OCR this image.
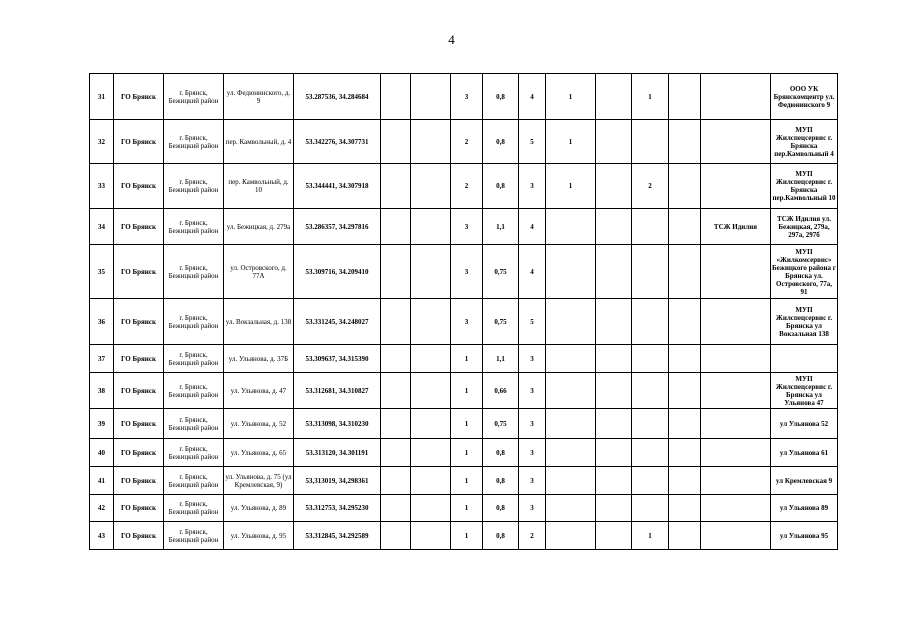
4
31	ГО Брянск	г. Брянск, Бежицкий район	ул. Федюнинского, д. 9	53.287536, 34.284684			3	0,8	4	1		1			ООО УК Брянскомцентр ул. Федюнинского 9
32	ГО Брянск	г. Брянск, Бежицкий район	пер. Камвольный, д. 4	53.342276, 34.307731			2	0,8	5	1					МУП Жилспецсервис г. Брянска пер.Камвольный 4
33	ГО Брянск	г. Брянск, Бежицкий район	пер. Камвольный, д. 10	53.344441, 34.307918			2	0,8	3	1		2			МУП Жилспецсервис г. Брянска пер.Камвольный 10
34	ГО Брянск	г. Брянск, Бежицкий район	ул. Бежицкая, д. 279а	53.286357, 34.297816			3	1,1	4					ТСЖ Идилия	ТСЖ Идилия ул. Бежицкая, 279а, 297а, 297б
35	ГО Брянск	г. Брянск, Бежицкий район	ул. Островского, д. 77А	53.309716, 34.209410			3	0,75	4						МУП «Жилкомсервис» Бежицкого района г Брянска ул. Островского, 77а, 91
36	ГО Брянск	г. Брянск, Бежицкий район	ул. Вокзальная, д. 138	53.331245, 34.248027			3	0,75	5						МУП Жилспецсервис г. Брянска ул Вокзальная 138
37	ГО Брянск	г. Брянск, Бежицкий район	ул. Ульянова, д. 37Б	53.309637, 34.315390			1	1,1	3						
38	ГО Брянск	г. Брянск, Бежицкий район	ул. Ульянова, д. 47	53.312681, 34.310827			1	0,66	3						МУП Жилспецсервис г. Брянска ул Ульянова 47
39	ГО Брянск	г. Брянск, Бежицкий район	ул. Ульянова, д. 52	53.313098, 34.310230			1	0,75	3						ул Ульянова 52
40	ГО Брянск	г. Брянск, Бежицкий район	ул. Ульянова, д. 65	53.313120, 34.301191			1	0,8	3						ул Ульянова 61
41	ГО Брянск	г. Брянск, Бежицкий район	ул. Ульянова, д. 75 (ул Кремлевская, 9)	53,313019, 34,298361			1	0,8	3						ул Кремлевская 9
42	ГО Брянск	г. Брянск, Бежицкий район	ул. Ульянова, д. 89	53.312753, 34.295230			1	0,8	3						ул Ульянова 89
43	ГО Брянск	г. Брянск, Бежицкий район	ул. Ульянова, д. 95	53.312845, 34.292589			1	0,8	2			1			ул Ульянова 95
